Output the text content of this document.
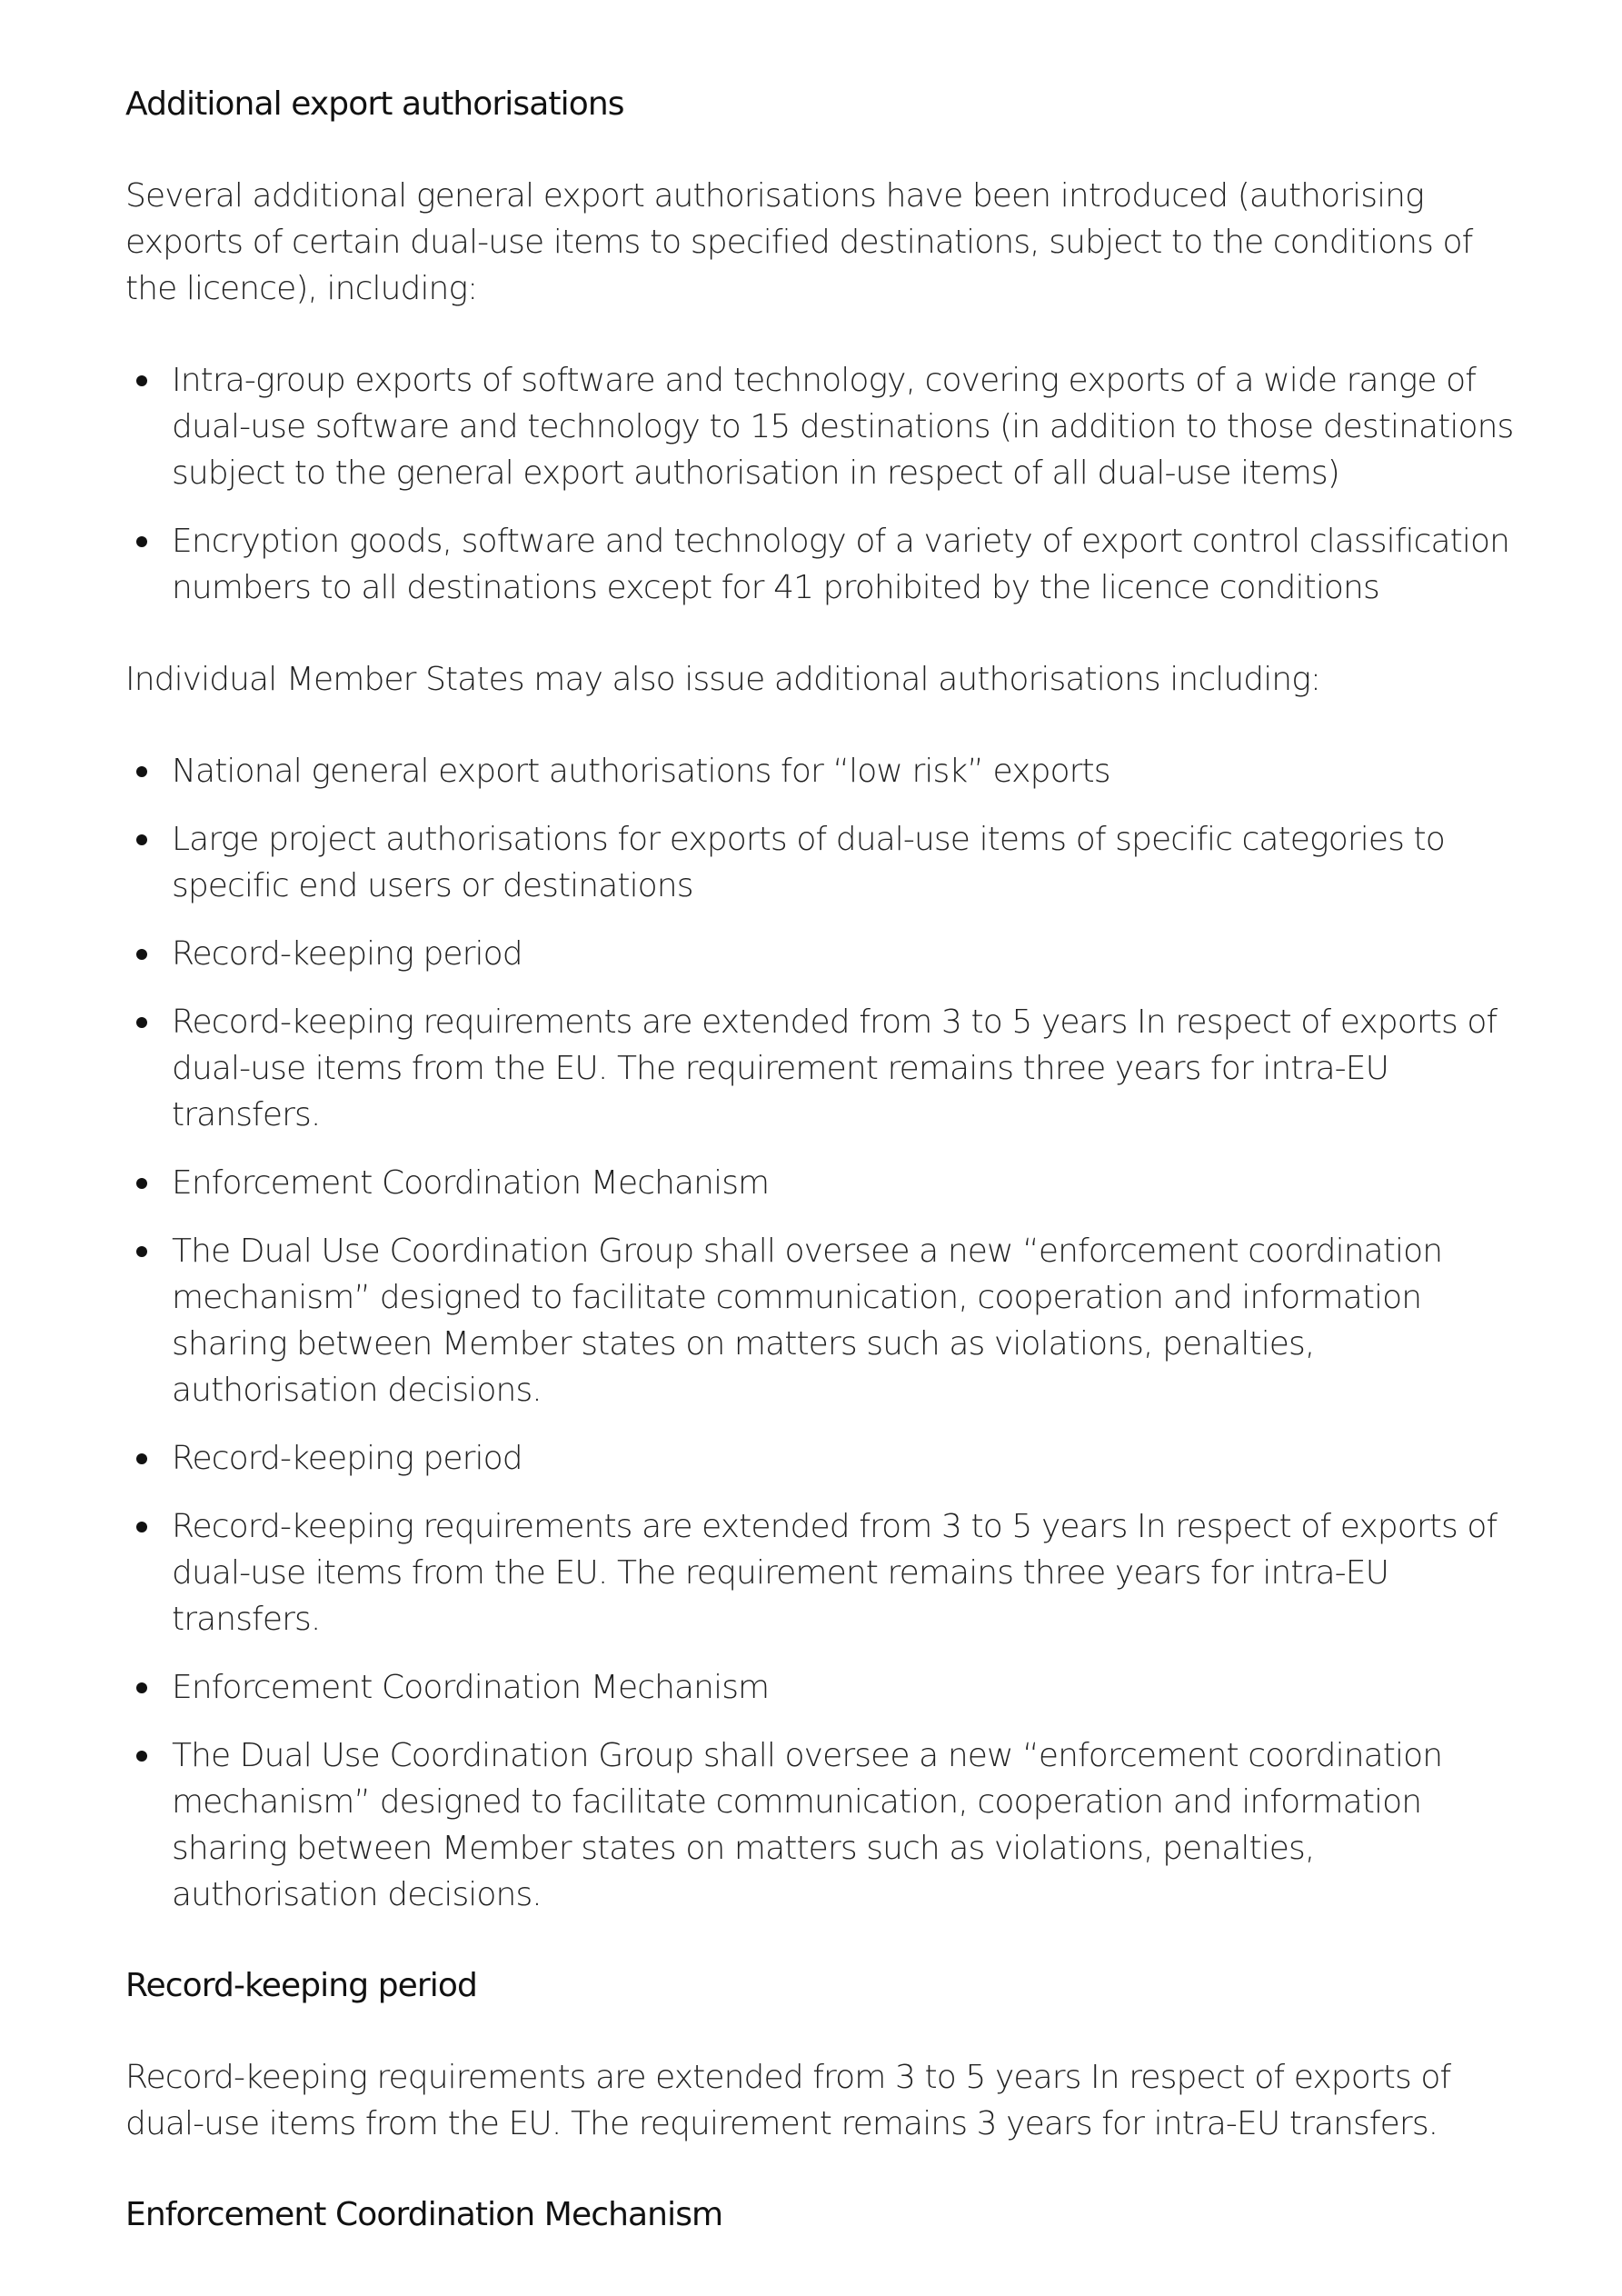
Additional export authorisations

Several additional general export authorisations have been introduced (authorising exports of certain dual-use items to specified destinations, subject to the conditions of the licence), including:

Intra-group exports of software and technology, covering exports of a wide range of dual-use software and technology to 15 destinations (in addition to those destinations subject to the general export authorisation in respect of all dual-use items)
Encryption goods, software and technology of a variety of export control classification numbers to all destinations except for 41 prohibited by the licence conditions

Individual Member States may also issue additional authorisations including:

National general export authorisations for “low risk” exports
Large project authorisations for exports of dual-use items of specific categories to specific end users or destinations
Record-keeping period
Record-keeping requirements are extended from 3 to 5 years In respect of exports of dual-use items from the EU. The requirement remains three years for intra-EU transfers.
Enforcement Coordination Mechanism
The Dual Use Coordination Group shall oversee a new “enforcement coordination mechanism” designed to facilitate communication, cooperation and information sharing between Member states on matters such as violations, penalties, authorisation decisions.
Record-keeping period
Record-keeping requirements are extended from 3 to 5 years In respect of exports of dual-use items from the EU. The requirement remains three years for intra-EU transfers.
Enforcement Coordination Mechanism
The Dual Use Coordination Group shall oversee a new “enforcement coordination mechanism” designed to facilitate communication, cooperation and information sharing between Member states on matters such as violations, penalties, authorisation decisions.
Record-keeping period

Record-keeping requirements are extended from 3 to 5 years In respect of exports of dual-use items from the EU. The requirement remains 3 years for intra-EU transfers.

Enforcement Coordination Mechanism
